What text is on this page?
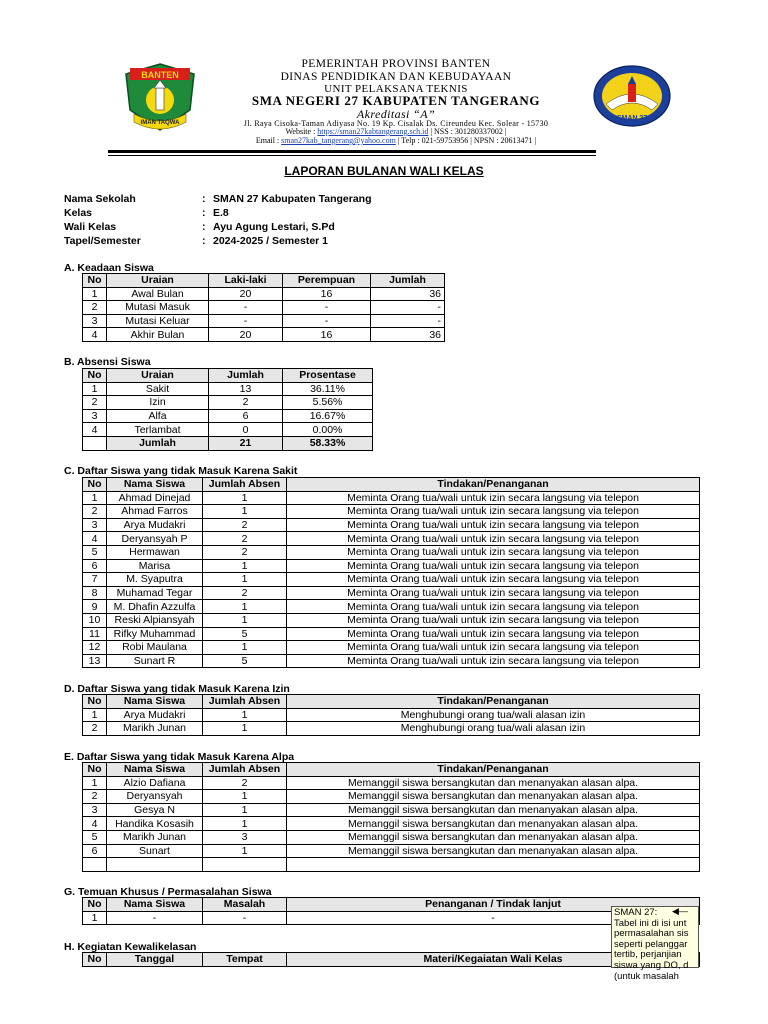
BANTEN
IMAN TAQWA
SMAN 27
PEMERINTAH PROVINSI BANTEN
DINAS PENDIDIKAN DAN KEBUDAYAAN
UNIT PELAKSANA TEKNIS
SMA NEGERI 27 KABUPATEN TANGERANG
Akreditasi “A”
Jl. Raya Cisoka-Taman Adiyasa No. 19 Kp. Cisalak Ds. Cireundeu Kec. Solear - 15730
Website : https://sman27kabtangerang.sch.id | NSS : 301280337002 |
Email : sman27kab_tangerang@yahoo.com | Telp : 021-59753956 | NPSN : 20613471 |
LAPORAN BULANAN WALI KELAS
Nama Sekolah	: SMAN 27 Kabupaten Tangerang
Kelas	: E.8
Wali Kelas	: Ayu Agung Lestari, S.Pd
Tapel/Semester	: 2024-2025 / Semester 1
A. Keadaan Siswa
No	Uraian	Laki-laki	Perempuan	Jumlah
1	Awal Bulan	20	16	36
2	Mutasi Masuk	-	-	-
3	Mutasi Keluar	-	-	-
4	Akhir Bulan	20	16	36
B. Absensi Siswa
No	Uraian	Jumlah	Prosentase
1	Sakit	13	36.11%
2	Izin	2	5.56%
3	Alfa	6	16.67%
4	Terlambat	0	0.00%
	Jumlah	21	58.33%
C. Daftar Siswa yang tidak Masuk Karena Sakit
No	Nama Siswa	Jumlah Absen	Tindakan/Penanganan
1	Ahmad Dinejad	1	Meminta Orang tua/wali untuk izin secara langsung via telepon
2	Ahmad Farros	1	Meminta Orang tua/wali untuk izin secara langsung via telepon
3	Arya Mudakri	2	Meminta Orang tua/wali untuk izin secara langsung via telepon
4	Deryansyah P	2	Meminta Orang tua/wali untuk izin secara langsung via telepon
5	Hermawan	2	Meminta Orang tua/wali untuk izin secara langsung via telepon
6	Marisa	1	Meminta Orang tua/wali untuk izin secara langsung via telepon
7	M. Syaputra	1	Meminta Orang tua/wali untuk izin secara langsung via telepon
8	Muhamad Tegar	2	Meminta Orang tua/wali untuk izin secara langsung via telepon
9	M. Dhafin Azzulfa	1	Meminta Orang tua/wali untuk izin secara langsung via telepon
10	Reski Alpiansyah	1	Meminta Orang tua/wali untuk izin secara langsung via telepon
11	Rifky Muhammad	5	Meminta Orang tua/wali untuk izin secara langsung via telepon
12	Robi Maulana	1	Meminta Orang tua/wali untuk izin secara langsung via telepon
13	Sunart R	5	Meminta Orang tua/wali untuk izin secara langsung via telepon
D. Daftar Siswa yang tidak Masuk Karena Izin
No	Nama Siswa	Jumlah Absen	Tindakan/Penanganan
1	Arya Mudakri	1	Menghubungi orang tua/wali alasan izin
2	Marikh Junan	1	Menghubungi orang tua/wali alasan izin
E. Daftar Siswa yang tidak Masuk Karena Alpa
No	Nama Siswa	Jumlah Absen	Tindakan/Penanganan
1	Alzio Dafiana	2	Memanggil siswa bersangkutan dan menanyakan alasan alpa.
2	Deryansyah	1	Memanggil siswa bersangkutan dan menanyakan alasan alpa.
3	Gesya N	1	Memanggil siswa bersangkutan dan menanyakan alasan alpa.
4	Handika Kosasih	1	Memanggil siswa bersangkutan dan menanyakan alasan alpa.
5	Marikh Junan	3	Memanggil siswa bersangkutan dan menanyakan alasan alpa.
6	Sunart	1	Memanggil siswa bersangkutan dan menanyakan alasan alpa.

G. Temuan Khusus / Permasalahan Siswa
No	Nama Siswa	Masalah	Penanganan / Tindak lanjut
1	-	-	-
H. Kegiatan Kewalikelasan
No	Tanggal	Tempat	Materi/Kegaiatan Wali Kelas
SMAN 27:
Tabel ini di isi unt
permasalahan sis
seperti pelanggar
tertib, perjanjian
siswa yang DO, d
(untuk masalah
◀—
